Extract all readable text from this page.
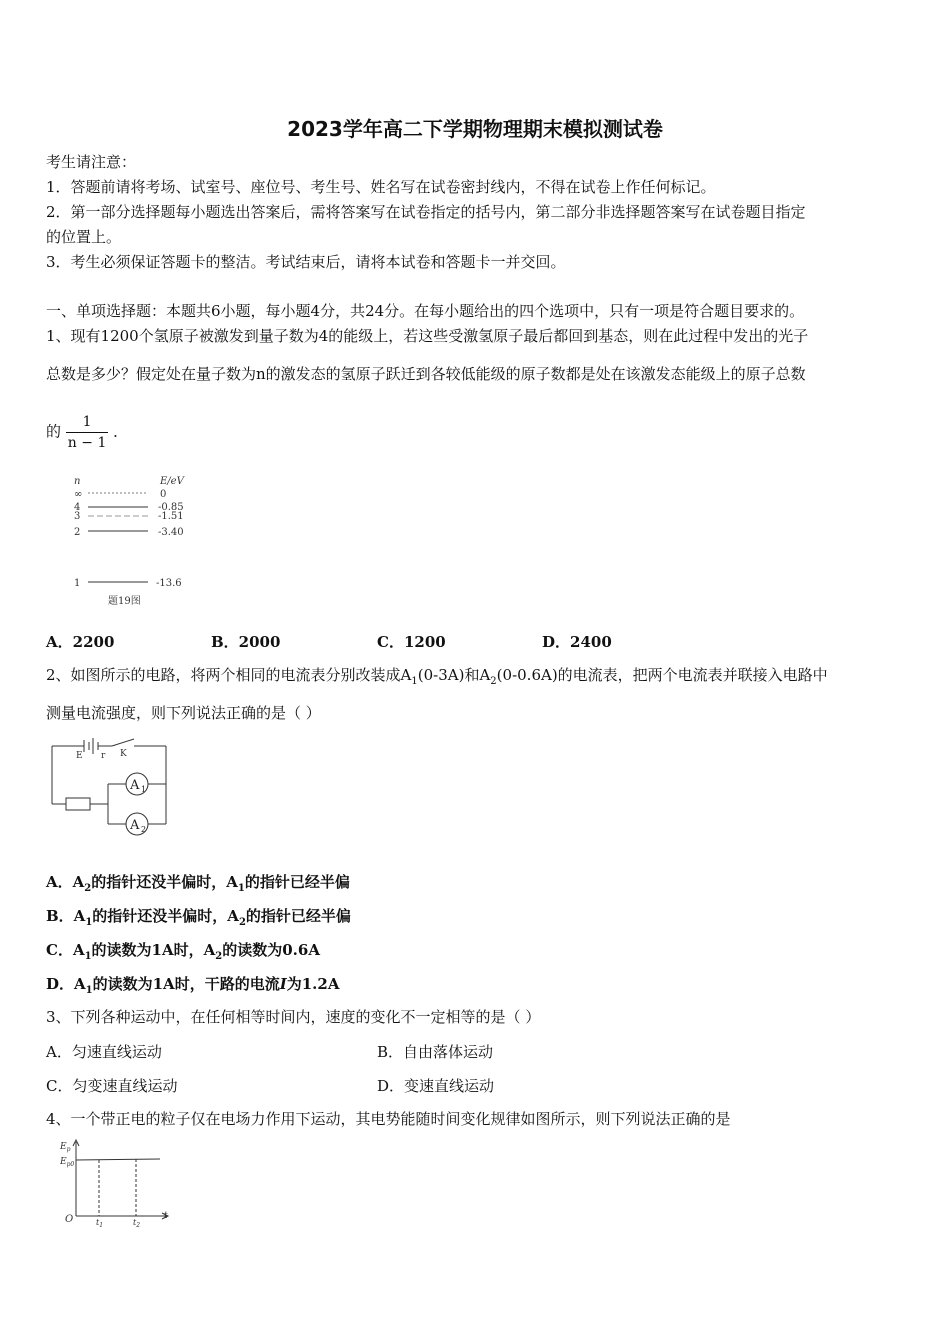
2023学年高二下学期物理期末模拟测试卷
考生请注意：
1．答题前请将考场、试室号、座位号、考生号、姓名写在试卷密封线内，不得在试卷上作任何标记。
2．第一部分选择题每小题选出答案后，需将答案写在试卷指定的括号内，第二部分非选择题答案写在试卷题目指定
的位置上。
3．考生必须保证答题卡的整洁。考试结束后，请将本试卷和答题卡一并交回。
一、单项选择题：本题共6小题，每小题4分，共24分。在每小题给出的四个选项中，只有一项是符合题目要求的。
1、现有1200个氢原子被激发到量子数为4的能级上，若这些受激氢原子最后都回到基态，则在此过程中发出的光子
总数是多少？假定处在量子数为n的激发态的氢原子跃迁到各较低能级的原子数都是处在该激发态能级上的原子总数
的 $\frac{1}{n - 1}$ ．
n	E/eV
∞	0
4	-0.85
3	-1.51
2	-3.40
1	-13.6
题19图
A．2200	B．2000	C．1200	D．2400
2、如图所示的电路，将两个相同的电流表分别改装成$A_1(0-3A)$和$A_2(0-0.6A)$的电流表，把两个电流表并联接入电路中
测量电流强度，则下列说法正确的是（ ）
E r K
A 1
A 2
A．$A_2$的指针还没半偏时，$A_1$的指针已经半偏
B．$A_1$的指针还没半偏时，$A_2$的指针已经半偏
C．$A_1$的读数为1A时，$A_2$的读数为0.6A
D．$A_1$的读数为1A时，干路的电流I为1.2A
3、下列各种运动中，在任何相等时间内，速度的变化不一定相等的是（ ）
A．匀速直线运动	B．自由落体运动
C．匀变速直线运动	D．变速直线运动
4、一个带正电的粒子仅在电场力作用下运动，其电势能随时间变化规律如图所示，则下列说法正确的是
$E_p$
$E_{p0}$
O	$t_1$	$t_2$
t
